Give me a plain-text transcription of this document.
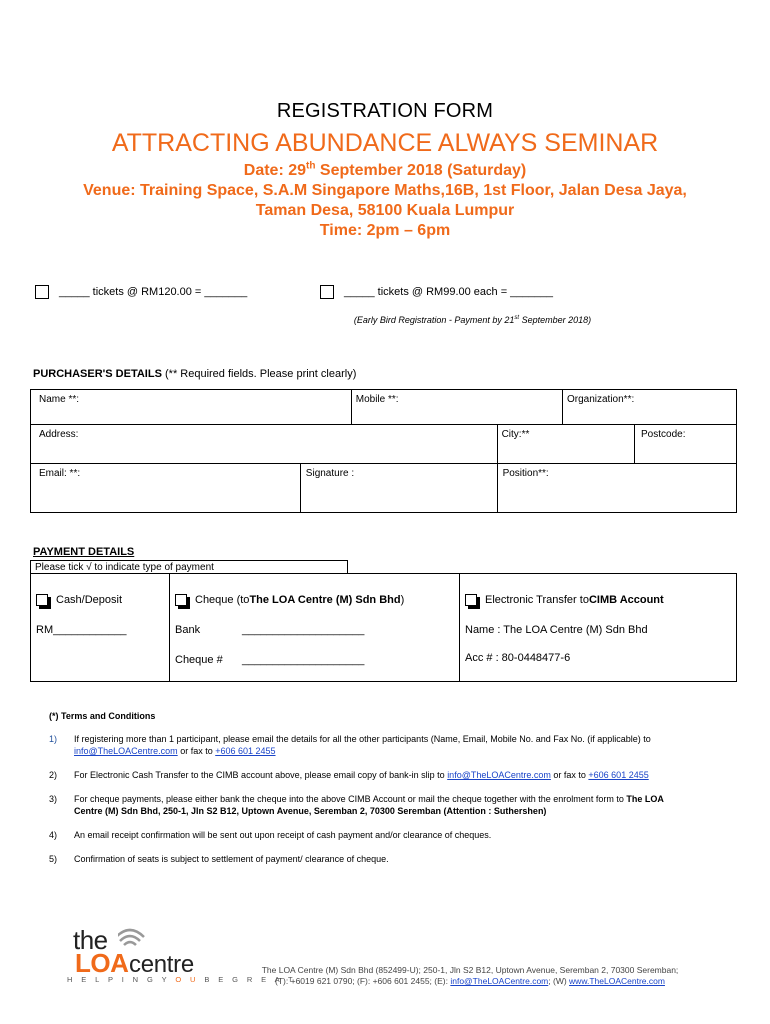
REGISTRATION FORM
ATTRACTING ABUNDANCE ALWAYS SEMINAR
Date: 29th September 2018 (Saturday)
Venue: Training Space, S.A.M Singapore Maths,16B, 1st Floor, Jalan Desa Jaya,
Taman Desa, 58100 Kuala Lumpur
Time: 2pm – 6pm
_____ tickets @ RM120.00 = _______	_____ tickets @ RM99.00 each = _______
(Early Bird Registration - Payment by 21st September 2018)
PURCHASER'S DETAILS (** Required fields. Please print clearly)
Name **:		Mobile **:		Organization**:	

Address:			City:**		Postcode:

Email: **:	Signature :		Position**:		
PAYMENT DETAILS
Please tick √ to indicate type of payment
Cash/Deposit
RM____________
Cheque (to The LOA Centre (M) Sdn Bhd )
Bank	____________________
Cheque #	____________________
Electronic Transfer to CIMB Account
Name : The LOA Centre (M) Sdn Bhd
Acc # : 80-0448477-6
(*) Terms and Conditions
1) If registering more than 1 participant, please email the details for all the other participants (Name, Email, Mobile No. and Fax No. (if applicable) to info@TheLOACentre.com or fax to +606 601 2455
2) For Electronic Cash Transfer to the CIMB account above, please email copy of bank-in slip to info@TheLOACentre.com or fax to +606 601 2455
3) For cheque payments, please either bank the cheque into the above CIMB Account or mail the cheque together with the enrolment form to The LOA Centre (M) Sdn Bhd, 250-1, Jln S2 B12, Uptown Avenue, Seremban 2, 70300 Seremban (Attention : Suthershen)
4) An email receipt confirmation will be sent out upon receipt of cash payment and/or clearance of cheques.
5) Confirmation of seats is subject to settlement of payment/ clearance of cheque.
the
LOA centre
H E L P I N G Y O U B E G R E A T
The LOA Centre (M) Sdn Bhd (852499-U); 250-1, Jln S2 B12, Uptown Avenue, Seremban 2, 70300 Seremban;
(T): +6019 621 0790; (F): +606 601 2455; (E): info@TheLOACentre.com; (W) www.TheLOACentre.com
